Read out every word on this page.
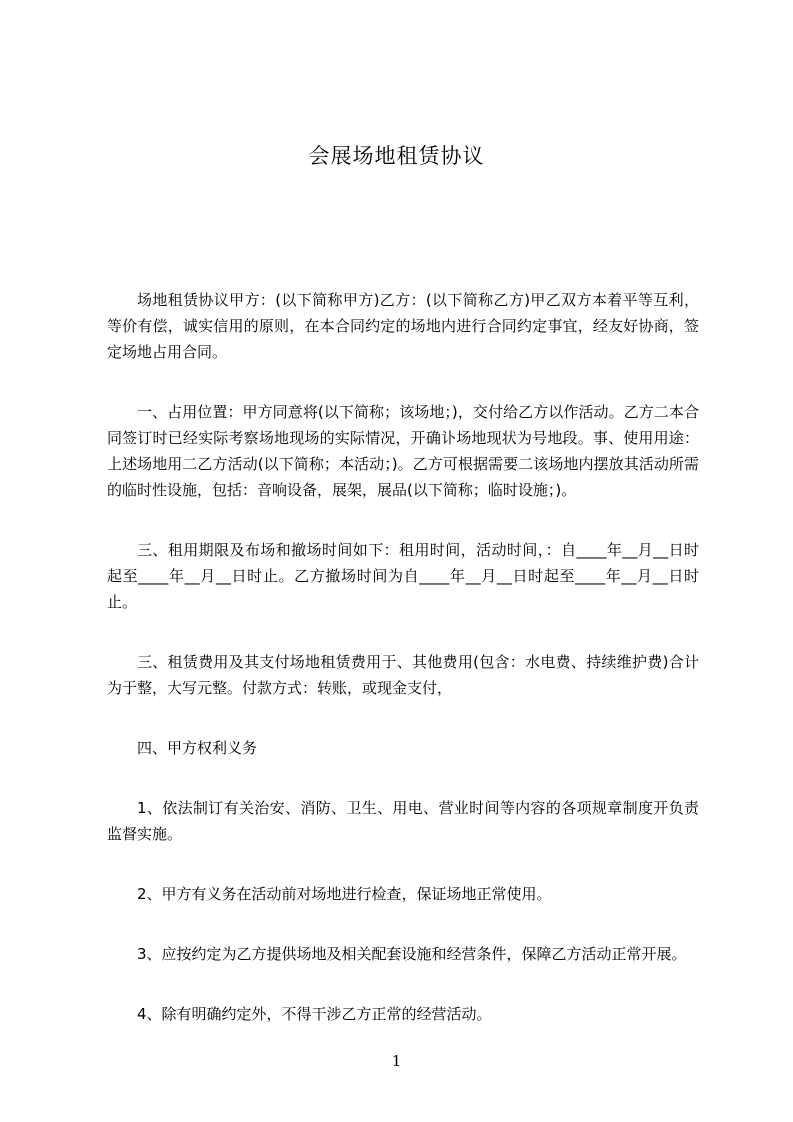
会展场地租赁协议

场地租赁协议甲方：(以下简称甲方)乙方：(以下简称乙方)甲乙双方本着平等互利，等价有偿，诚实信用的原则，在本合同约定的场地内进行合同约定事宜，经友好协商，签定场地占用合同。

一、占用位置：甲方同意将(以下简称；该场地；)，交付给乙方以作活动。乙方二本合同签订时已经实际考察场地现场的实际情况，开确讣场地现状为号地段。事、使用用途：上述场地用二乙方活动(以下简称；本活动；)。乙方可根据需要二该场地内摆放其活动所需的临时性设施，包括：音响设备，展架，展品(以下简称；临时设施；)。

三、租用期限及布场和撤场时间如下：租用时间，活动时间，：自____年__月__日时起至____年__月__日时止。乙方撤场时间为自____年__月__日时起至____年__月__日时止。

三、租赁费用及其支付场地租赁费用于、其他费用(包含：水电费、持续维护费)合计为于整，大写元整。付款方式：转账，或现金支付，

四、甲方权利义务

1、依法制订有关治安、消防、卫生、用电、营业时间等内容的各项规章制度开负责监督实施。

2、甲方有义务在活动前对场地进行检查，保证场地正常使用。

3、应按约定为乙方提供场地及相关配套设施和经营条件，保障乙方活动正常开展。

4、除有明确约定外，不得干涉乙方正常的经营活动。

1
